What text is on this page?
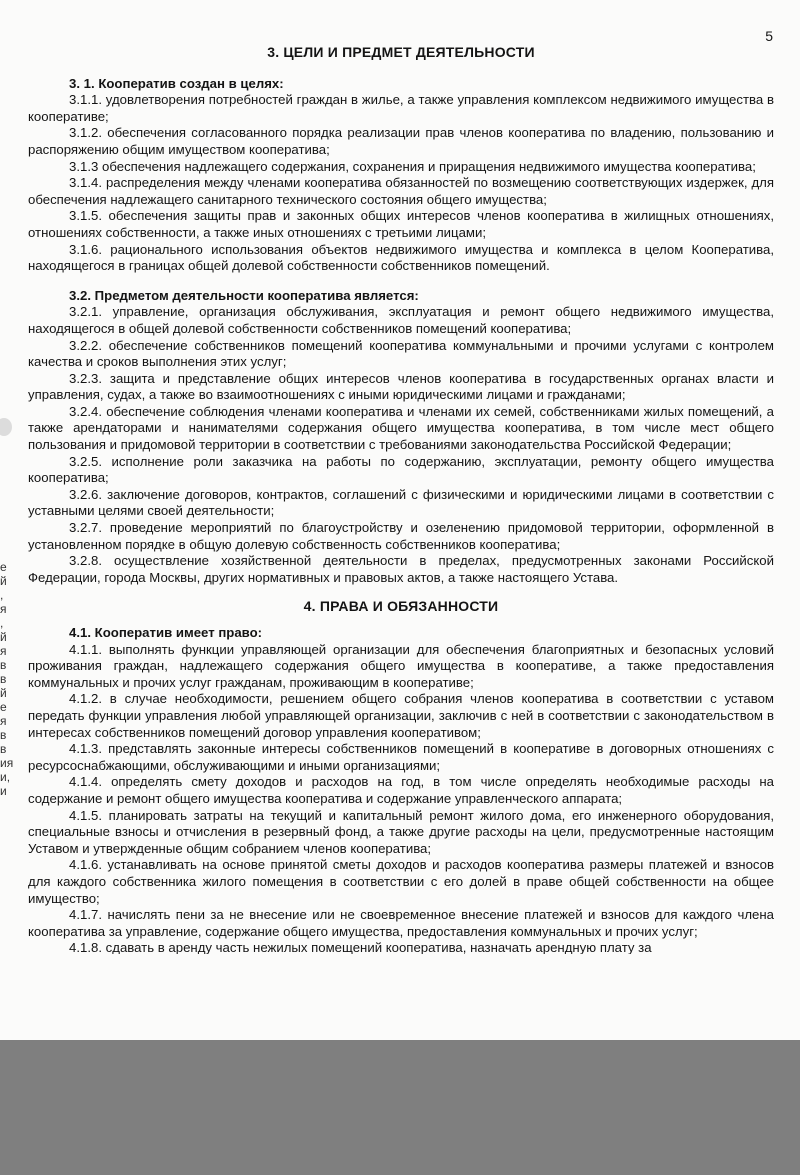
5
е
й
,
я
,
й
я
в
в
й
е
я
в
в
ия
и,
и
3. ЦЕЛИ И ПРЕДМЕТ ДЕЯТЕЛЬНОСТИ

3. 1. Кооператив создан в целях:

3.1.1. удовлетворения потребностей граждан в жилье, а также управления комплексом недвижимого имущества в кооперативе;

3.1.2. обеспечения согласованного порядка реализации прав членов кооператива по владению, пользованию и распоряжению общим имуществом кооператива;

3.1.3 обеспечения надлежащего содержания, сохранения и приращения недвижимого имущества кооператива;

3.1.4. распределения между членами кооператива обязанностей по возмещению соответствующих издержек, для обеспечения надлежащего санитарного технического состояния общего имущества;

3.1.5. обеспечения защиты прав и законных общих интересов членов кооператива в жилищных отношениях, отношениях собственности, а также иных отношениях с третьими лицами;

3.1.6. рационального использования объектов недвижимого имущества и комплекса в целом Кооператива, находящегося в границах общей долевой собственности собственников помещений.

3.2. Предметом деятельности кооператива является:

3.2.1. управление, организация обслуживания, эксплуатация и ремонт общего недвижимого имущества, находящегося в общей долевой собственности собственников помещений кооператива;

3.2.2. обеспечение собственников помещений кооператива коммунальными и прочими услугами с контролем качества и сроков выполнения этих услуг;

3.2.3. защита и представление общих интересов членов кооператива в государственных органах власти и управления, судах, а также во взаимоотношениях с иными юридическими лицами и гражданами;

3.2.4. обеспечение соблюдения членами кооператива и членами их семей, собственниками жилых помещений, а также арендаторами и нанимателями содержания общего имущества кооператива, в том числе мест общего пользования и придомовой территории в соответствии с требованиями законодательства Российской Федерации;

3.2.5. исполнение роли заказчика на работы по содержанию, эксплуатации, ремонту общего имущества кооператива;

3.2.6. заключение договоров, контрактов, соглашений с физическими и юридическими лицами в соответствии с уставными целями своей деятельности;

3.2.7. проведение мероприятий по благоустройству и озеленению придомовой территории, оформленной в установленном порядке в общую долевую собственность собственников кооператива;

3.2.8. осуществление хозяйственной деятельности в пределах, предусмотренных законами Российской Федерации, города Москвы, других нормативных и правовых актов, а также настоящего Устава.

4. ПРАВА И ОБЯЗАННОСТИ

4.1. Кооператив имеет право:

4.1.1. выполнять функции управляющей организации для обеспечения благоприятных и безопасных условий проживания граждан, надлежащего содержания общего имущества в кооперативе, а также предоставления коммунальных и прочих услуг гражданам, проживающим в кооперативе;

4.1.2. в случае необходимости, решением общего собрания членов кооператива в соответствии с уставом передать функции управления любой управляющей организации, заключив с ней в соответствии с законодательством в интересах собственников помещений договор управления кооперативом;

4.1.3. представлять законные интересы собственников помещений в кооперативе в договорных отношениях с ресурсоснабжающими, обслуживающими и иными организациями;

4.1.4. определять смету доходов и расходов на год, в том числе определять необходимые расходы на содержание и ремонт общего имущества кооператива и содержание управленческого аппарата;

4.1.5. планировать затраты на текущий и капитальный ремонт жилого дома, его инженерного оборудования, специальные взносы и отчисления в резервный фонд, а также другие расходы на цели, предусмотренные настоящим Уставом и утвержденные общим собранием членов кооператива;

4.1.6. устанавливать на основе принятой сметы доходов и расходов кооператива размеры платежей и взносов для каждого собственника жилого помещения в соответствии с его долей в праве общей собственности на общее имущество;

4.1.7. начислять пени за не внесение или не своевременное внесение платежей и взносов для каждого члена кооператива за управление, содержание общего имущества, предоставления коммунальных и прочих услуг;

4.1.8. сдавать в аренду часть нежилых помещений кооператива, назначать арендную плату за
